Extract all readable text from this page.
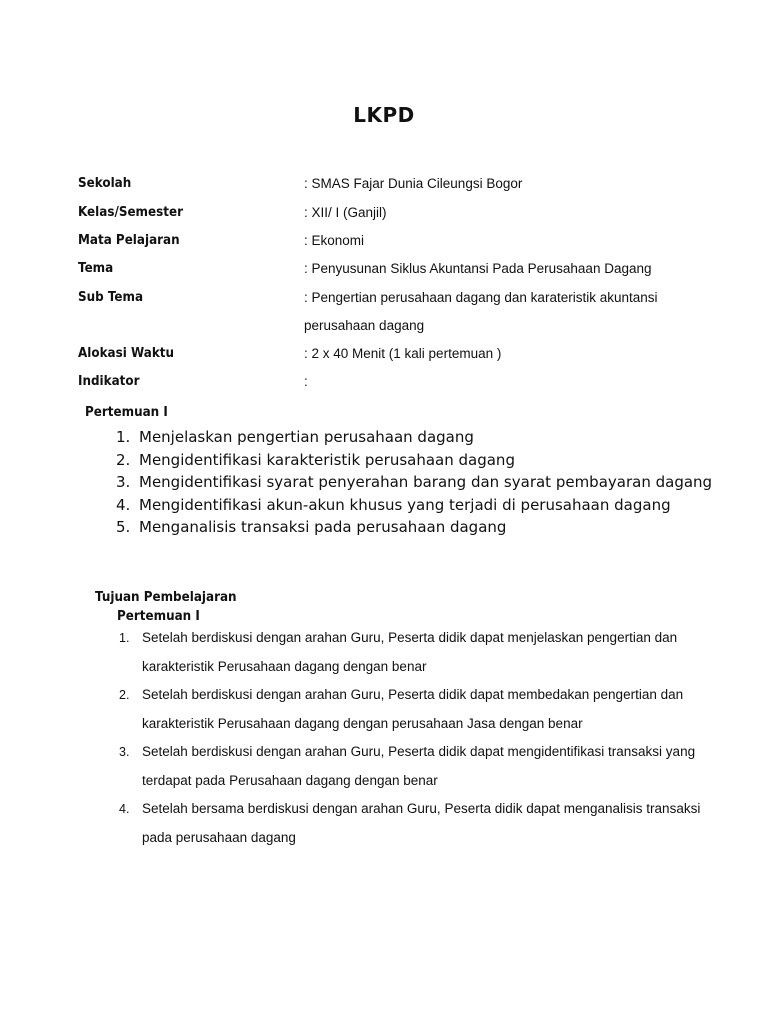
LKPD
Sekolah	: SMAS Fajar Dunia Cileungsi Bogor
Kelas/Semester	: XII/ I (Ganjil)
Mata Pelajaran	: Ekonomi
Tema	: Penyusunan Siklus Akuntansi Pada Perusahaan Dagang
Sub Tema	: Pengertian perusahaan dagang dan karateristik akuntansi
perusahaan dagang
Alokasi Waktu	: 2 x 40 Menit (1 kali pertemuan )
Indikator	:
Pertemuan I
1. Menjelaskan pengertian perusahaan dagang
2. Mengidentifikasi karakteristik perusahaan dagang
3. Mengidentifikasi syarat penyerahan barang dan syarat pembayaran dagang
4. Mengidentifikasi akun-akun khusus yang terjadi di perusahaan dagang
5. Menganalisis transaksi pada perusahaan dagang
Tujuan Pembelajaran
Pertemuan I
1. Setelah berdiskusi dengan arahan Guru, Peserta didik dapat menjelaskan pengertian dan karakteristik Perusahaan dagang dengan benar
2. Setelah berdiskusi dengan arahan Guru, Peserta didik dapat membedakan pengertian dan karakteristik Perusahaan dagang dengan perusahaan Jasa dengan benar
3. Setelah berdiskusi dengan arahan Guru, Peserta didik dapat mengidentifikasi transaksi yang terdapat pada Perusahaan dagang dengan benar
4. Setelah bersama berdiskusi dengan arahan Guru, Peserta didik dapat menganalisis transaksi pada perusahaan dagang
